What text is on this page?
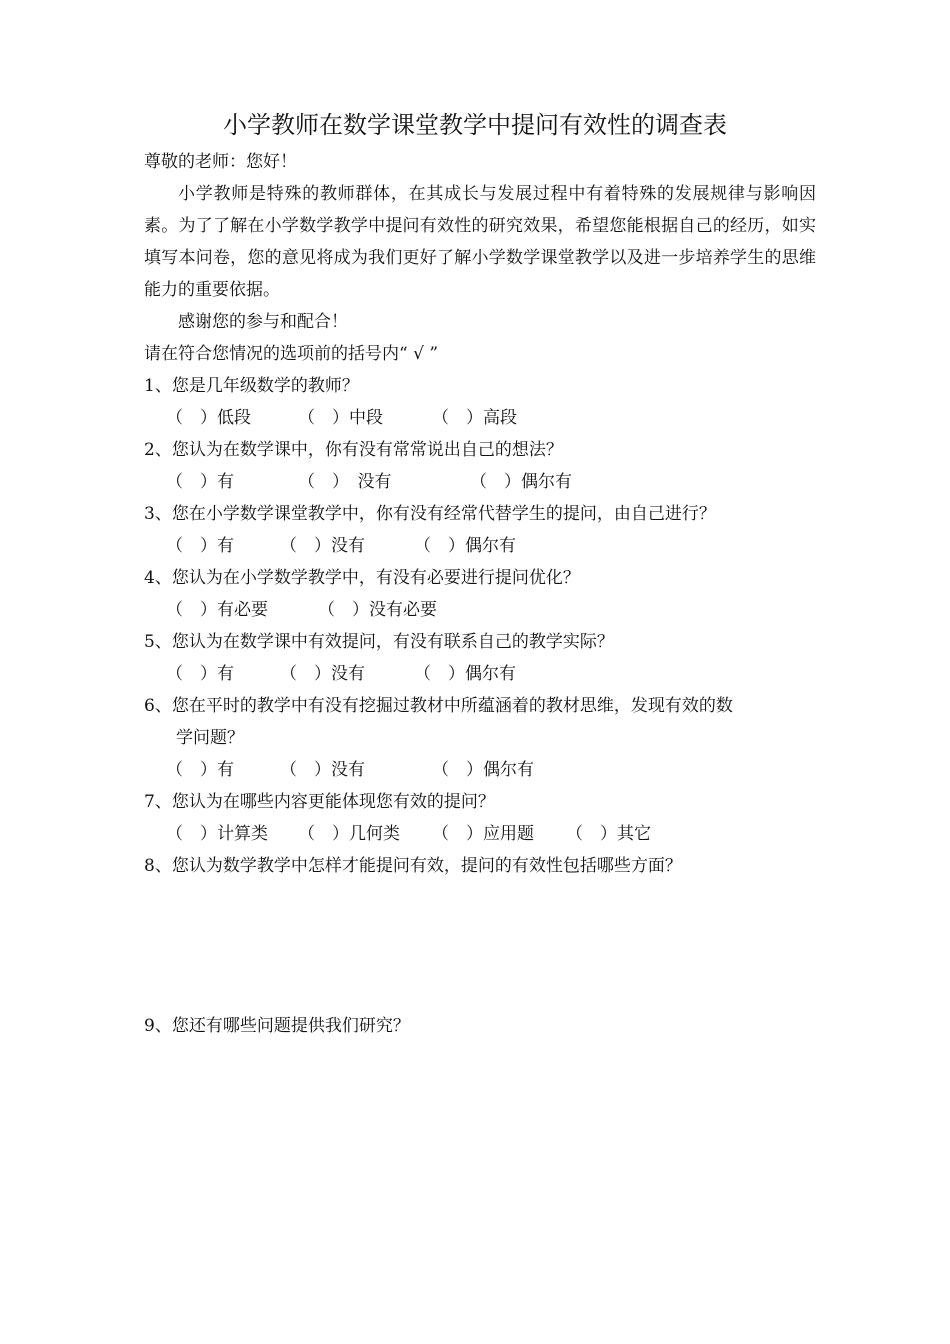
小学教师在数学课堂教学中提问有效性的调查表
尊敬的老师：您好！
小学教师是特殊的教师群体，在其成长与发展过程中有着特殊的发展规律与影响因素。为了了解在小学数学教学中提问有效性的研究效果，希望您能根据自己的经历，如实填写本问卷，您的意见将成为我们更好了解小学数学课堂教学以及进一步培养学生的思维能力的重要依据。
感谢您的参与和配合！
请在符合您情况的选项前的括号内“ √ ”
1、您是几年级数学的教师？
（　）低段	（　）中段	（　）高段
2、您认为在数学课中，你有没有常常说出自己的想法？
（　）有	（　）　没有	（　）偶尔有
3、您在小学数学课堂教学中，你有没有经常代替学生的提问，由自己进行？
（　）有	（　）没有	（　）偶尔有
4、您认为在小学数学教学中，有没有必要进行提问优化？
（　）有必要	（　）没有必要
5、您认为在数学课中有效提问，有没有联系自己的教学实际？
（　）有	（　）没有	（　）偶尔有
6、您在平时的教学中有没有挖掘过教材中所蕴涵着的教材思维，发现有效的数
学问题？
（　）有	（　）没有	（　）偶尔有
7、您认为在哪些内容更能体现您有效的提问？
（　）计算类 （　）几何类 （　）应用题 （　）其它
8、您认为数学教学中怎样才能提问有效，提问的有效性包括哪些方面？
9、您还有哪些问题提供我们研究？
